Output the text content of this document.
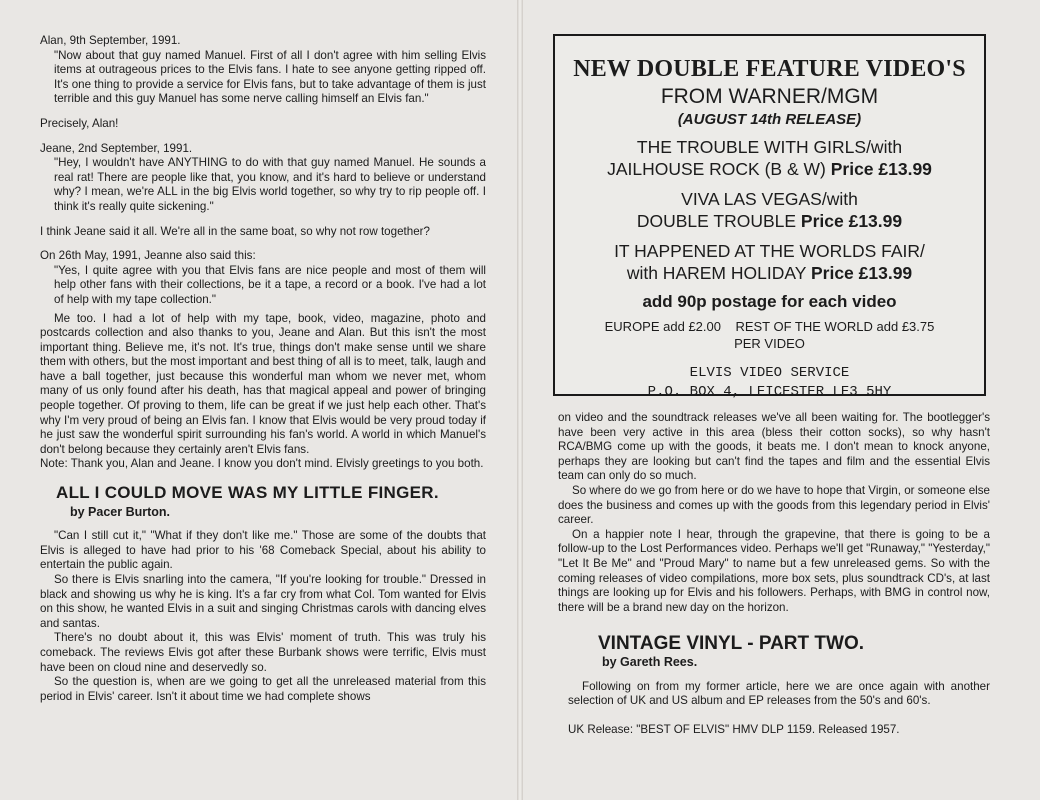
Alan, 9th September, 1991.

"Now about that guy named Manuel. First of all I don't agree with him selling Elvis items at outrageous prices to the Elvis fans. I hate to see anyone getting ripped off. It's one thing to provide a service for Elvis fans, but to take advantage of them is just terrible and this guy Manuel has some nerve calling himself an Elvis fan."

Precisely, Alan!

Jeane, 2nd September, 1991.

"Hey, I wouldn't have ANYTHING to do with that guy named Manuel. He sounds a real rat! There are people like that, you know, and it's hard to believe or understand why? I mean, we're ALL in the big Elvis world together, so why try to rip people off. I think it's really quite sickening."

I think Jeane said it all. We're all in the same boat, so why not row together?

On 26th May, 1991, Jeanne also said this:

"Yes, I quite agree with you that Elvis fans are nice people and most of them will help other fans with their collections, be it a tape, a record or a book. I've had a lot of help with my tape collection."

Me too. I had a lot of help with my tape, book, video, magazine, photo and postcards collection and also thanks to you, Jeane and Alan. But this isn't the most important thing. Believe me, it's not. It's true, things don't make sense until we share them with others, but the most important and best thing of all is to meet, talk, laugh and have a ball together, just because this wonderful man whom we never met, whom many of us only found after his death, has that magical appeal and power of bringing people together. Of proving to them, life can be great if we just help each other. That's why I'm very proud of being an Elvis fan. I know that Elvis would be very proud today if he just saw the wonderful spirit surrounding his fan's world. A world in which Manuel's don't belong because they certainly aren't Elvis fans.

Note: Thank you, Alan and Jeane. I know you don't mind. Elvisly greetings to you both.

ALL I COULD MOVE WAS MY LITTLE FINGER.
by Pacer Burton.

"Can I still cut it," "What if they don't like me." Those are some of the doubts that Elvis is alleged to have had prior to his '68 Comeback Special, about his ability to entertain the public again.

So there is Elvis snarling into the camera, "If you're looking for trouble." Dressed in black and showing us why he is king. It's a far cry from what Col. Tom wanted for Elvis on this show, he wanted Elvis in a suit and singing Christmas carols with dancing elves and santas.

There's no doubt about it, this was Elvis' moment of truth. This was truly his comeback. The reviews Elvis got after these Burbank shows were terrific, Elvis must have been on cloud nine and deservedly so.

So the question is, when are we going to get all the unreleased material from this period in Elvis' career. Isn't it about time we had complete shows

NEW DOUBLE FEATURE VIDEO'S
FROM WARNER/MGM
(AUGUST 14th RELEASE)
THE TROUBLE WITH GIRLS/with
JAILHOUSE ROCK (B & W) Price £13.99
VIVA LAS VEGAS/with
DOUBLE TROUBLE Price £13.99
IT HAPPENED AT THE WORLDS FAIR/
with HAREM HOLIDAY Price £13.99
add 90p postage for each video
EUROPE add £2.00 REST OF THE WORLD add £3.75
PER VIDEO
ELVIS VIDEO SERVICE
P.O. BOX 4, LEICESTER LE3 5HY

on video and the soundtrack releases we've all been waiting for. The bootlegger's have been very active in this area (bless their cotton socks), so why hasn't RCA/BMG come up with the goods, it beats me. I don't mean to knock anyone, perhaps they are looking but can't find the tapes and film and the essential Elvis team can only do so much.

So where do we go from here or do we have to hope that Virgin, or someone else does the business and comes up with the goods from this legendary period in Elvis' career.

On a happier note I hear, through the grapevine, that there is going to be a follow-up to the Lost Performances video. Perhaps we'll get "Runaway," "Yesterday," "Let It Be Me" and "Proud Mary" to name but a few unreleased gems. So with the coming releases of video compilations, more box sets, plus soundtrack CD's, at last things are looking up for Elvis and his followers. Perhaps, with BMG in control now, there will be a brand new day on the horizon.

VINTAGE VINYL - PART TWO.
by Gareth Rees.

Following on from my former article, here we are once again with another selection of UK and US album and EP releases from the 50's and 60's.

UK Release: "BEST OF ELVIS" HMV DLP 1159. Released 1957.
